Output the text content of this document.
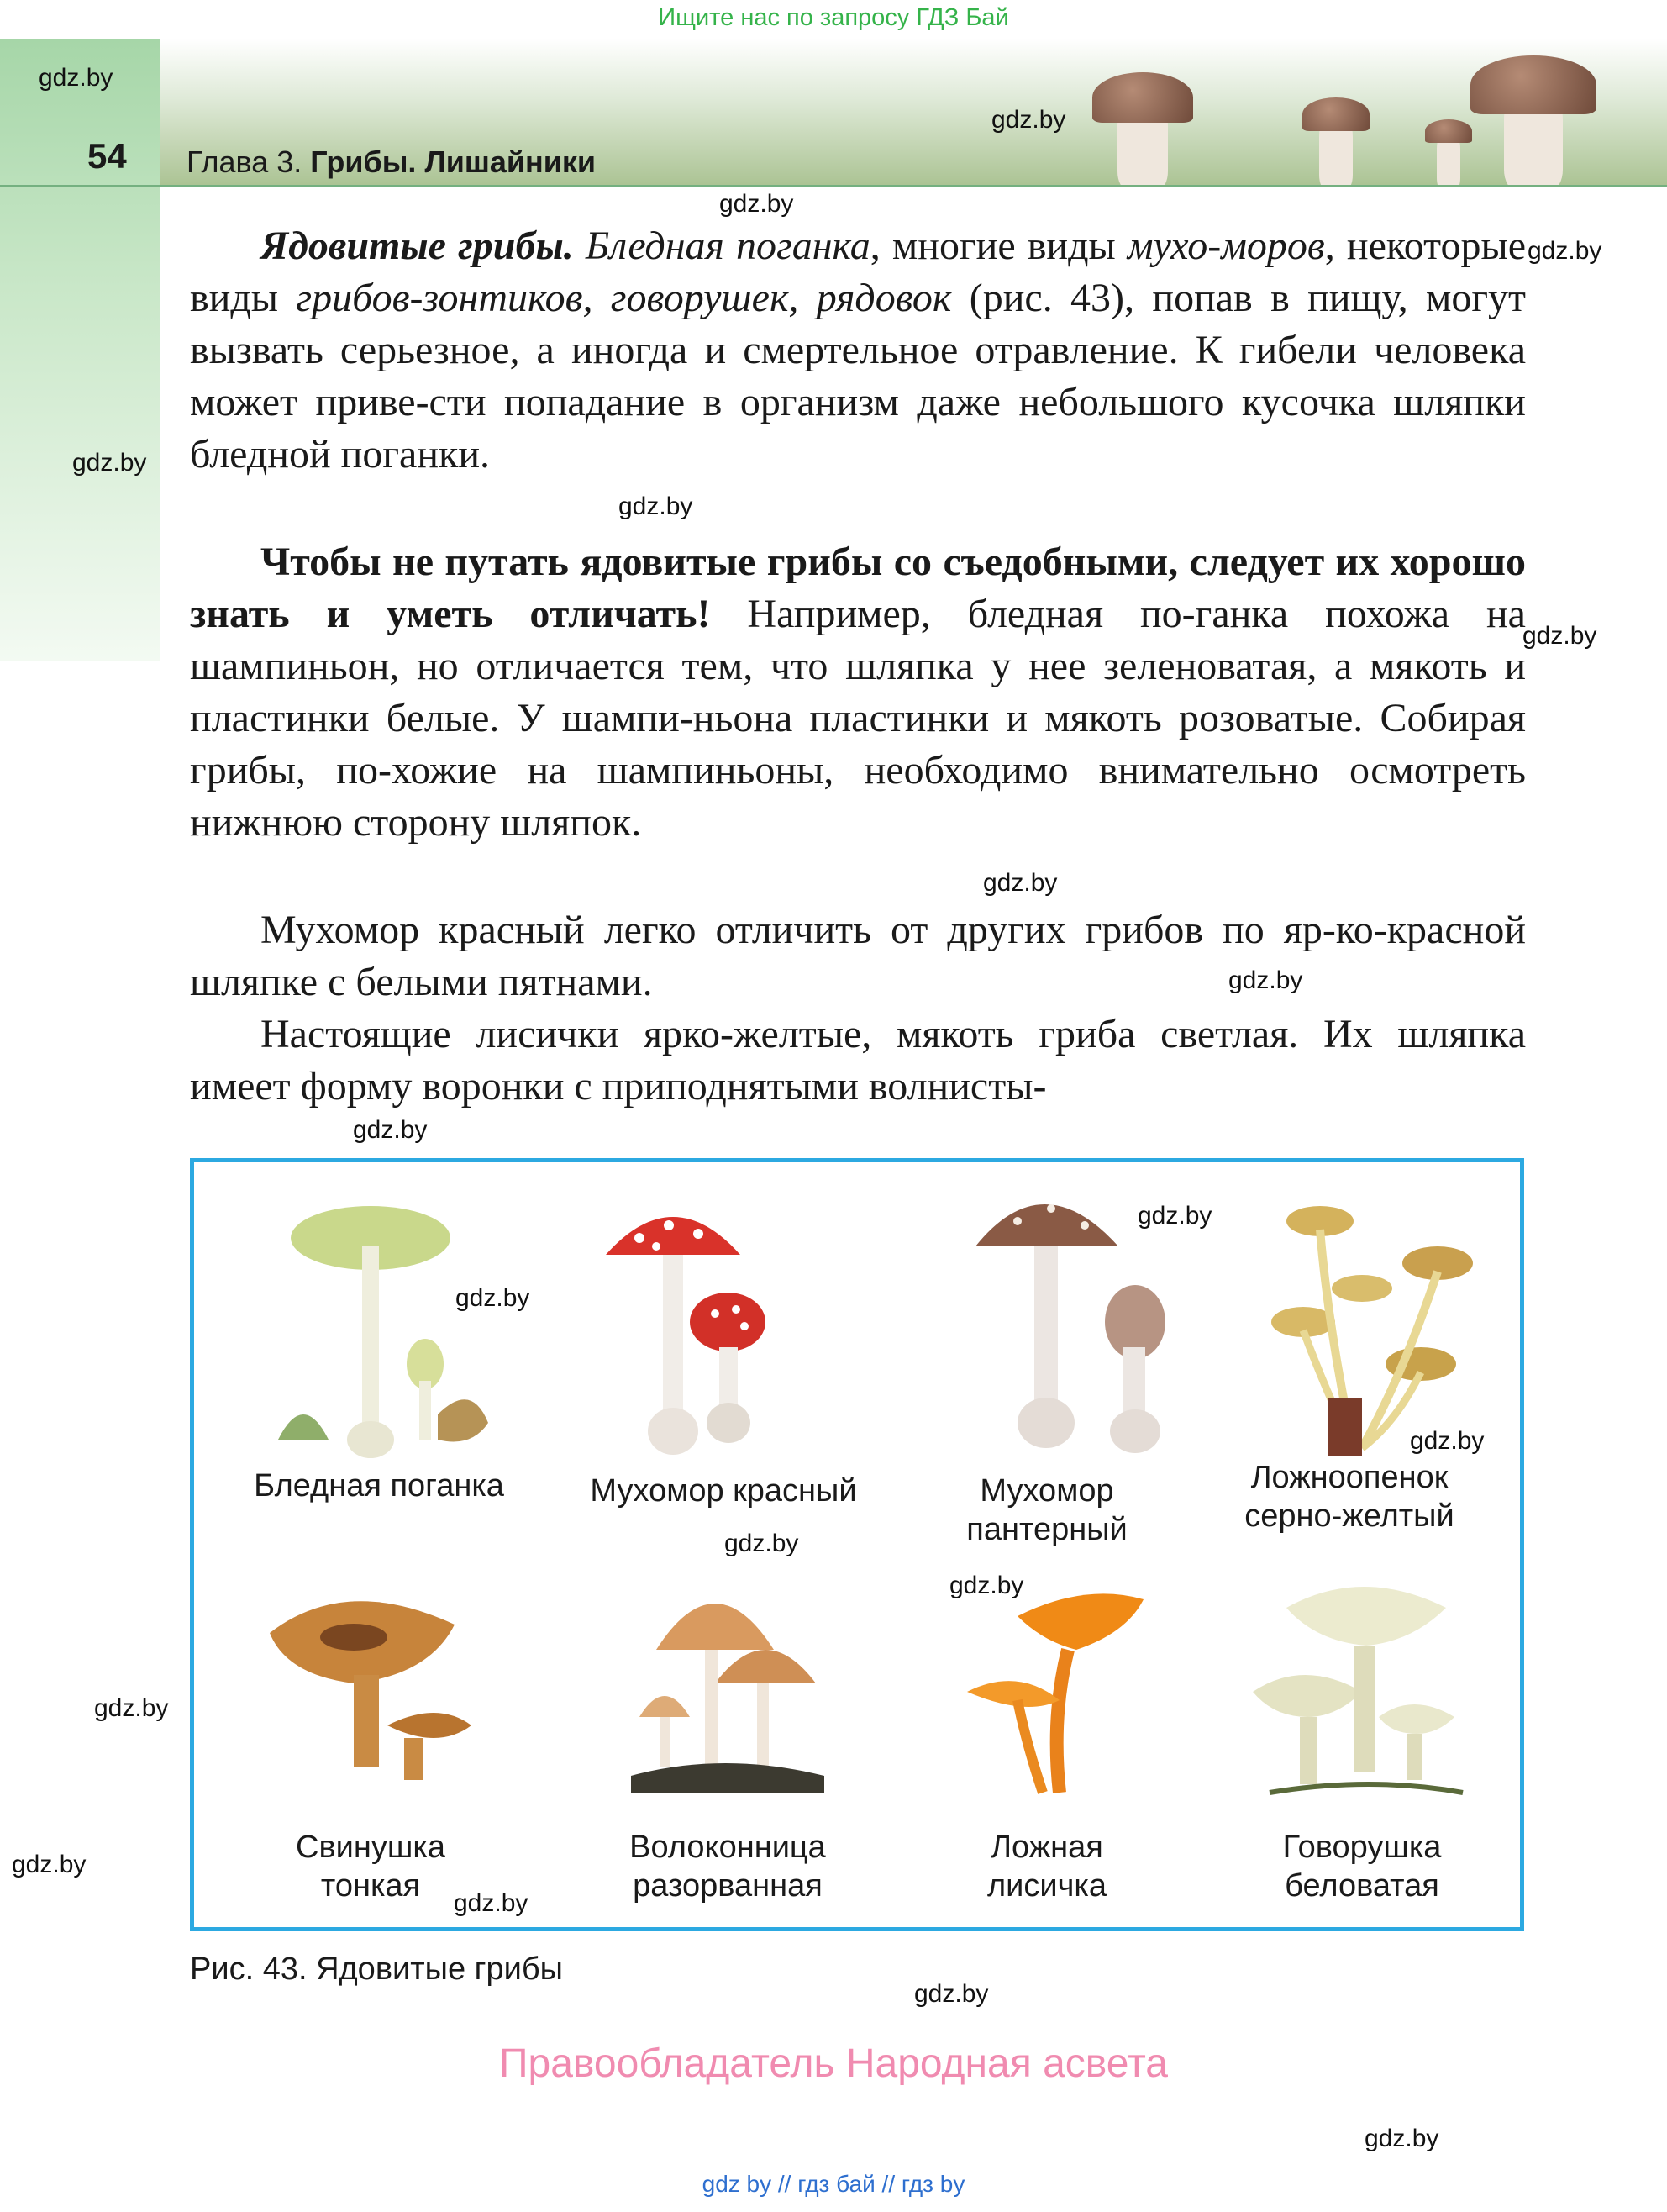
Ищите нас по запросу ГДЗ Бай
54 Глава 3. Грибы. Лишайники

Ядовитые грибы. Бледная поганка, многие виды мухо-моров, некоторые виды грибов-зонтиков, говорушек, рядовок (рис. 43), попав в пищу, могут вызвать серьезное, а иногда и смертельное отравление. К гибели человека может приве-сти попадание в организм даже небольшого кусочка шляпки бледной поганки.

Чтобы не путать ядовитые грибы со съедобными, следует их хорошо знать и уметь отличать! Например, бледная по-ганка похожа на шампиньон, но отличается тем, что шляпка у нее зеленоватая, а мякоть и пластинки белые. У шампи-ньона пластинки и мякоть розоватые. Собирая грибы, по-хожие на шампиньоны, необходимо внимательно осмотреть нижнюю сторону шляпок.

Мухомор красный легко отличить от других грибов по яр-ко-красной шляпке с белыми пятнами.

Настоящие лисички ярко-желтые, мякоть гриба светлая. Их шляпка имеет форму воронки с приподнятыми волнисты-

Бледная поганка	Мухомор красный	Мухомор
пантерный
Ложноопенок
серно-желтый
Свинушка
тонкая
Волоконница
разорванная
Ложная
лисичка
Говорушка
беловатая
Рис. 43. Ядовитые грибы
Правообладатель Народная асвета
gdz by // гдз бай // гдз by
gdz.by
gdz.by
gdz.by
gdz.by
gdz.by
gdz.by
gdz.by
gdz.by
gdz.by
gdz.by
gdz.by
gdz.by
gdz.by
gdz.by
gdz.by
gdz.by
gdz.by
gdz.by
gdz.by
gdz.by
